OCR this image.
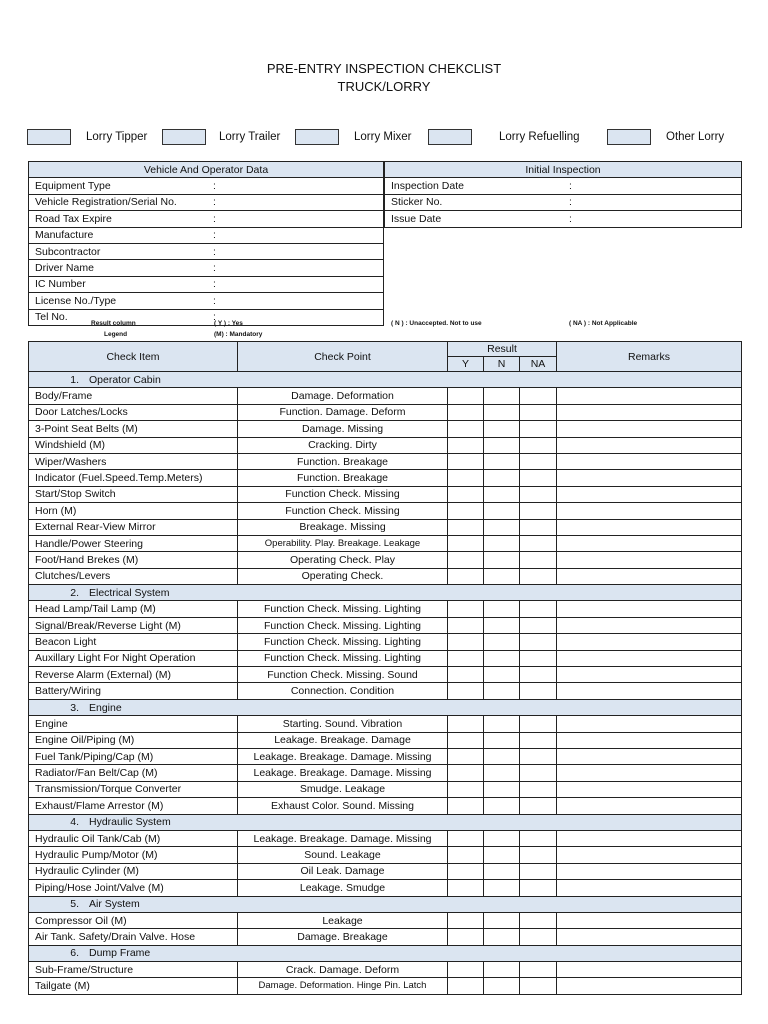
PRE-ENTRY INSPECTION CHEKCLIST
TRUCK/LORRY
Lorry Tipper	Lorry Trailer	Lorry Mixer	Lorry Refuelling	Other Lorry
Vehicle And Operator Data	
Equipment Type	:
Vehicle Registration/Serial No.	:
Road Tax Expire	:
Manufacture	:
Subcontractor	:
Driver Name	:
IC Number	:
License No./Type	:
Tel No.	:
Initial Inspection	
Inspection Date	:
Sticker No.	:
Issue Date	:
Result column
Legend
( Y ) : Yes
(M) : Mandatory
( N ) : Unaccepted. Not to use	( NA ) : Not Applicable
Check Item	Check Point	Result			Remarks
		Y	N	NA	
1. Operator Cabin					
Body/Frame	Damage. Deformation				
Door Latches/Locks	Function. Damage. Deform				
3-Point Seat Belts (M)	Damage. Missing				
Windshield (M)	Cracking. Dirty				
Wiper/Washers	Function. Breakage				
Indicator (Fuel.Speed.Temp.Meters)	Function. Breakage				
Start/Stop Switch	Function Check. Missing				
Horn (M)	Function Check. Missing				
External Rear-View Mirror	Breakage. Missing				
Handle/Power Steering	Operability. Play. Breakage. Leakage				
Foot/Hand Brekes (M)	Operating Check. Play				
Clutches/Levers	Operating Check.				
2. Electrical System					
Head Lamp/Tail Lamp (M)	Function Check. Missing. Lighting				
Signal/Break/Reverse Light (M)	Function Check. Missing. Lighting				
Beacon Light	Function Check. Missing. Lighting				
Auxillary Light For Night Operation	Function Check. Missing. Lighting				
Reverse Alarm (External) (M)	Function Check. Missing. Sound				
Battery/Wiring	Connection. Condition				
3. Engine					
Engine	Starting. Sound. Vibration				
Engine Oil/Piping (M)	Leakage. Breakage. Damage				
Fuel Tank/Piping/Cap (M)	Leakage. Breakage. Damage. Missing				
Radiator/Fan Belt/Cap (M)	Leakage. Breakage. Damage. Missing				
Transmission/Torque Converter	Smudge. Leakage				
Exhaust/Flame Arrestor (M)	Exhaust Color. Sound. Missing				
4. Hydraulic System					
Hydraulic Oil Tank/Cab (M)	Leakage. Breakage. Damage. Missing				
Hydraulic Pump/Motor (M)	Sound. Leakage				
Hydraulic Cylinder (M)	Oil Leak. Damage				
Piping/Hose Joint/Valve (M)	Leakage. Smudge				
5. Air System					
Compressor Oil (M)	Leakage				
Air Tank. Safety/Drain Valve. Hose	Damage. Breakage				
6. Dump Frame					
Sub-Frame/Structure	Crack. Damage. Deform				
Tailgate (M)	Damage. Deformation. Hinge Pin. Latch				
